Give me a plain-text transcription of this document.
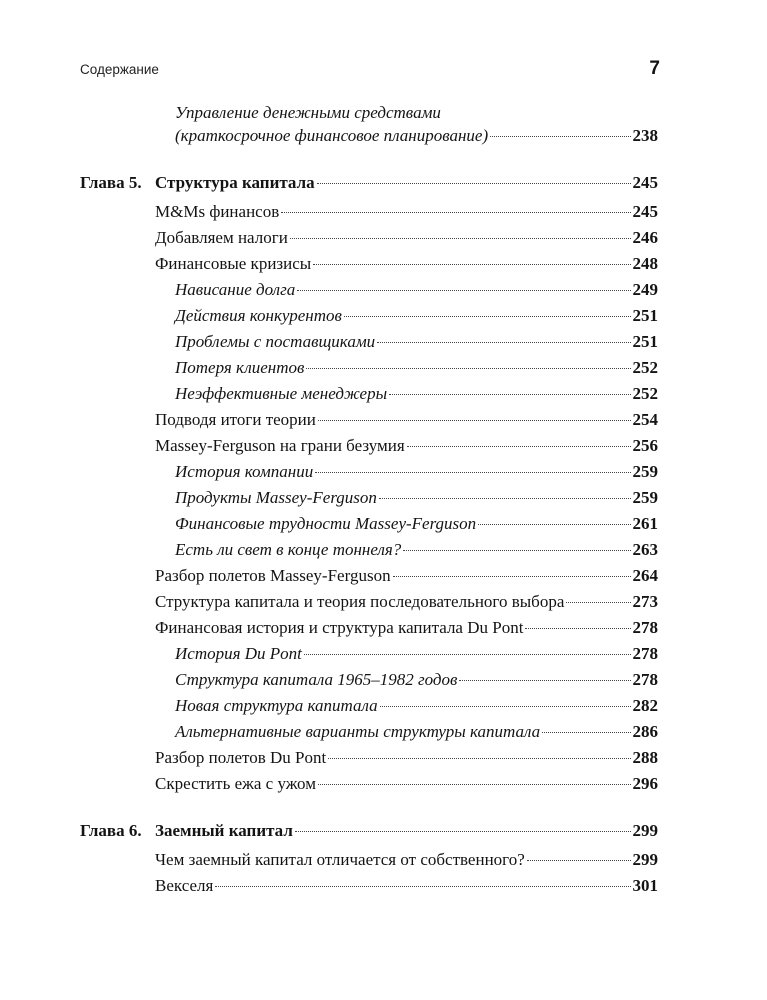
Содержание	7
Управление денежными средствами
(краткосрочное финансовое планирование)	238
Глава 5. Структура капитала	245
M&Ms финансов	245
Добавляем налоги	246
Финансовые кризисы	248
Нависание долга	249
Действия конкурентов	251
Проблемы с поставщиками	251
Потеря клиентов	252
Неэффективные менеджеры	252
Подводя итоги теории	254
Massey-Ferguson на грани безумия	256
История компании	259
Продукты Massey-Ferguson	259
Финансовые трудности Massey-Ferguson	261
Есть ли свет в конце тоннеля?	263
Разбор полетов Massey-Ferguson	264
Структура капитала и теория последовательного выбора	273
Финансовая история и структура капитала Du Pont	278
История Du Pont	278
Структура капитала 1965–1982 годов	278
Новая структура капитала	282
Альтернативные варианты структуры капитала	286
Разбор полетов Du Pont	288
Скрестить ежа с ужом	296
Глава 6. Заемный капитал	299
Чем заемный капитал отличается от собственного?	299
Векселя	301
